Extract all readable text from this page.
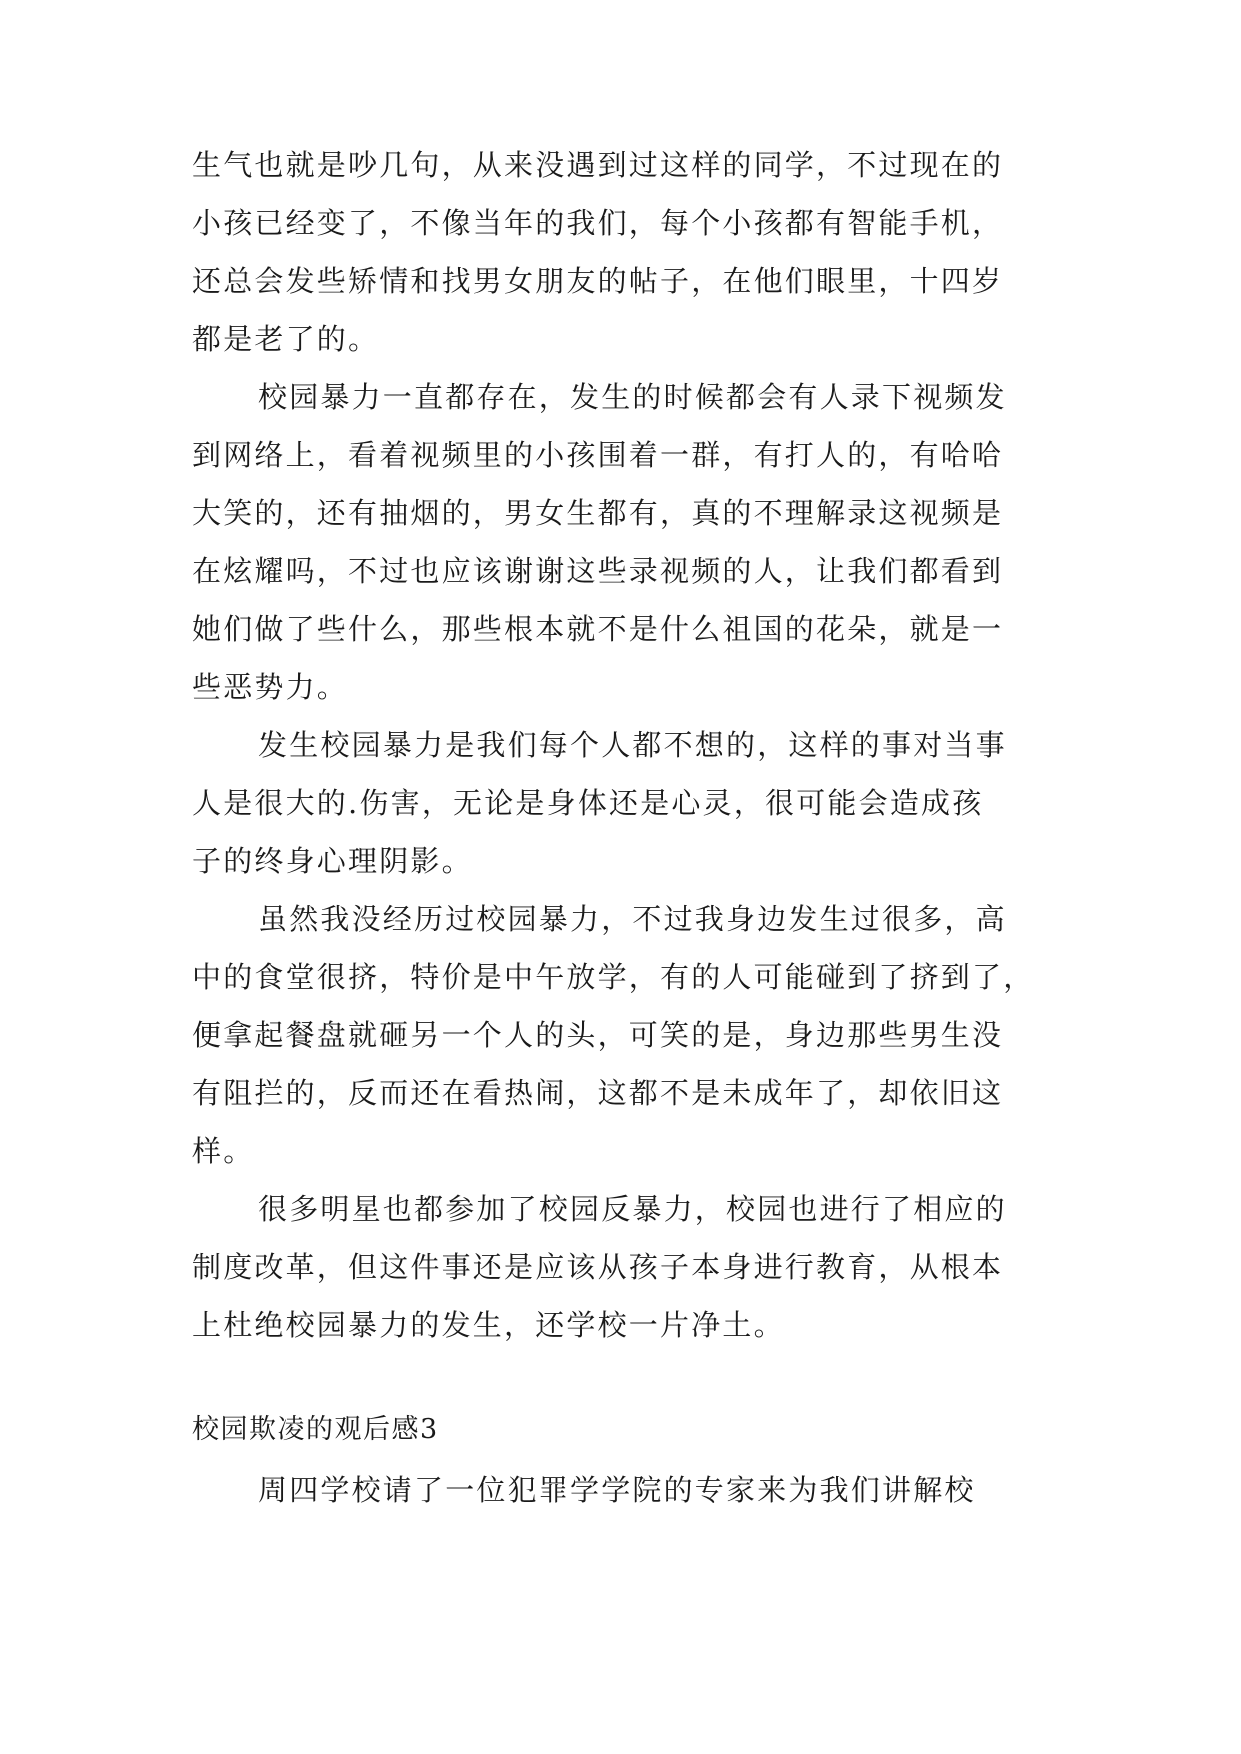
生气也就是吵几句，从来没遇到过这样的同学，不过现在的
小孩已经变了，不像当年的我们，每个小孩都有智能手机，
还总会发些矫情和找男女朋友的帖子，在他们眼里，十四岁
都是老了的。
校园暴力一直都存在，发生的时候都会有人录下视频发
到网络上，看着视频里的小孩围着一群，有打人的，有哈哈
大笑的，还有抽烟的，男女生都有，真的不理解录这视频是
在炫耀吗，不过也应该谢谢这些录视频的人，让我们都看到
她们做了些什么，那些根本就不是什么祖国的花朵，就是一
些恶势力。
发生校园暴力是我们每个人都不想的，这样的事对当事
人是很大的.伤害，无论是身体还是心灵，很可能会造成孩
子的终身心理阴影。
虽然我没经历过校园暴力，不过我身边发生过很多，高
中的食堂很挤，特价是中午放学，有的人可能碰到了挤到了，
便拿起餐盘就砸另一个人的头，可笑的是，身边那些男生没
有阻拦的，反而还在看热闹，这都不是未成年了，却依旧这
样。
很多明星也都参加了校园反暴力，校园也进行了相应的
制度改革，但这件事还是应该从孩子本身进行教育，从根本
上杜绝校园暴力的发生，还学校一片净土。
校园欺凌的观后感3
周四学校请了一位犯罪学学院的专家来为我们讲解校
